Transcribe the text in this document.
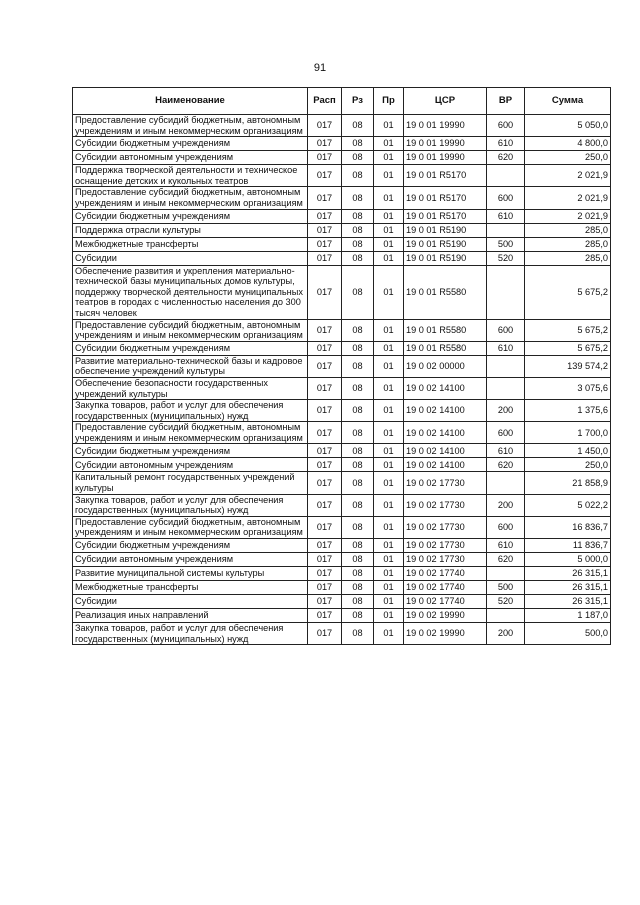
91
Наименование	Расп	Рз	Пр	ЦСР	ВР	Сумма
Предоставление субсидий бюджетным, автономным учреждениям и иным некоммерческим организациям	017	08	01	19 0 01 19990	600	5 050,0
Субсидии бюджетным учреждениям	017	08	01	19 0 01 19990	610	4 800,0
Субсидии автономным учреждениям	017	08	01	19 0 01 19990	620	250,0
Поддержка творческой деятельности и техническое оснащение детских и кукольных театров	017	08	01	19 0 01 R5170		2 021,9
Предоставление субсидий бюджетным, автономным учреждениям и иным некоммерческим организациям	017	08	01	19 0 01 R5170	600	2 021,9
Субсидии бюджетным учреждениям	017	08	01	19 0 01 R5170	610	2 021,9
Поддержка отрасли культуры	017	08	01	19 0 01 R5190		285,0
Межбюджетные трансферты	017	08	01	19 0 01 R5190	500	285,0
Субсидии	017	08	01	19 0 01 R5190	520	285,0
Обеспечение развития и укрепления материально-технической базы муниципальных домов культуры, поддержку творческой деятельности муниципальных театров в городах с численностью населения до 300 тысяч человек	017	08	01	19 0 01 R5580		5 675,2
Предоставление субсидий бюджетным, автономным учреждениям и иным некоммерческим организациям	017	08	01	19 0 01 R5580	600	5 675,2
Субсидии бюджетным учреждениям	017	08	01	19 0 01 R5580	610	5 675,2
Развитие материально-технической базы и кадровое обеспечение учреждений культуры	017	08	01	19 0 02 00000		139 574,2
Обеспечение безопасности государственных учреждений культуры	017	08	01	19 0 02 14100		3 075,6
Закупка товаров, работ и услуг для обеспечения государственных (муниципальных) нужд	017	08	01	19 0 02 14100	200	1 375,6
Предоставление субсидий бюджетным, автономным учреждениям и иным некоммерческим организациям	017	08	01	19 0 02 14100	600	1 700,0
Субсидии бюджетным учреждениям	017	08	01	19 0 02 14100	610	1 450,0
Субсидии автономным учреждениям	017	08	01	19 0 02 14100	620	250,0
Капитальный ремонт государственных учреждений культуры	017	08	01	19 0 02 17730		21 858,9
Закупка товаров, работ и услуг для обеспечения государственных (муниципальных) нужд	017	08	01	19 0 02 17730	200	5 022,2
Предоставление субсидий бюджетным, автономным учреждениям и иным некоммерческим организациям	017	08	01	19 0 02 17730	600	16 836,7
Субсидии бюджетным учреждениям	017	08	01	19 0 02 17730	610	11 836,7
Субсидии автономным учреждениям	017	08	01	19 0 02 17730	620	5 000,0
Развитие муниципальной системы культуры	017	08	01	19 0 02 17740		26 315,1
Межбюджетные трансферты	017	08	01	19 0 02 17740	500	26 315,1
Субсидии	017	08	01	19 0 02 17740	520	26 315,1
Реализация иных направлений	017	08	01	19 0 02 19990		1 187,0
Закупка товаров, работ и услуг для обеспечения государственных (муниципальных) нужд	017	08	01	19 0 02 19990	200	500,0
